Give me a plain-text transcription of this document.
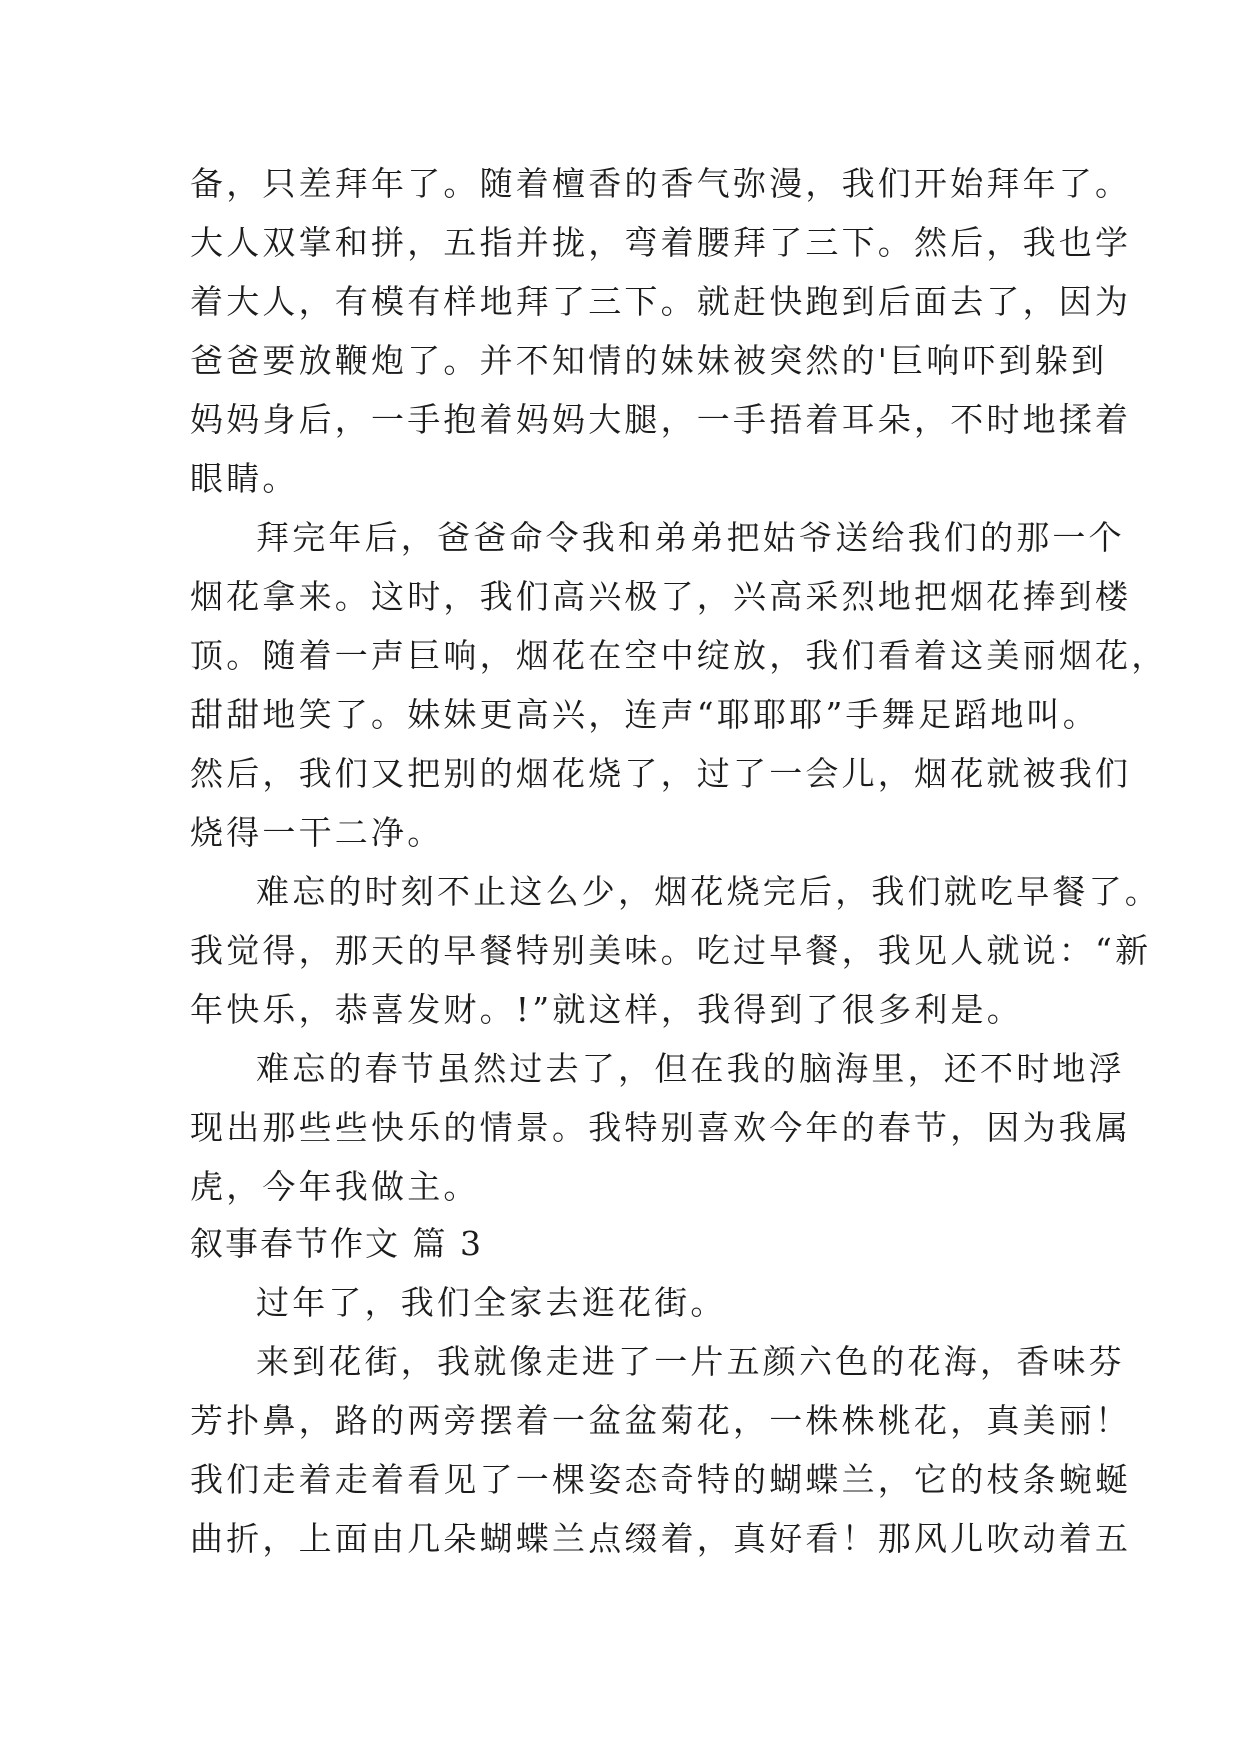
备，只差拜年了。随着檀香的香气弥漫，我们开始拜年了。
大人双掌和拼，五指并拢，弯着腰拜了三下。然后，我也学
着大人，有模有样地拜了三下。就赶快跑到后面去了，因为
爸爸要放鞭炮了。并不知情的妹妹被突然的'巨响吓到躲到
妈妈身后，一手抱着妈妈大腿，一手捂着耳朵，不时地揉着
眼睛。
拜完年后，爸爸命令我和弟弟把姑爷送给我们的那一个
烟花拿来。这时，我们高兴极了，兴高采烈地把烟花捧到楼
顶。随着一声巨响，烟花在空中绽放，我们看着这美丽烟花，
甜甜地笑了。妹妹更高兴，连声“耶耶耶”手舞足蹈地叫。
然后，我们又把别的烟花烧了，过了一会儿，烟花就被我们
烧得一干二净。
难忘的时刻不止这么少，烟花烧完后，我们就吃早餐了。
我觉得，那天的早餐特别美味。吃过早餐，我见人就说：“新
年快乐，恭喜发财。!”就这样，我得到了很多利是。
难忘的春节虽然过去了，但在我的脑海里，还不时地浮
现出那些些快乐的情景。我特别喜欢今年的春节，因为我属
虎，今年我做主。
叙事春节作文 篇 3
过年了，我们全家去逛花街。
来到花街，我就像走进了一片五颜六色的花海，香味芬
芳扑鼻，路的两旁摆着一盆盆菊花，一株株桃花，真美丽！
我们走着走着看见了一棵姿态奇特的蝴蝶兰，它的枝条蜿蜒
曲折，上面由几朵蝴蝶兰点缀着，真好看！那风儿吹动着五
